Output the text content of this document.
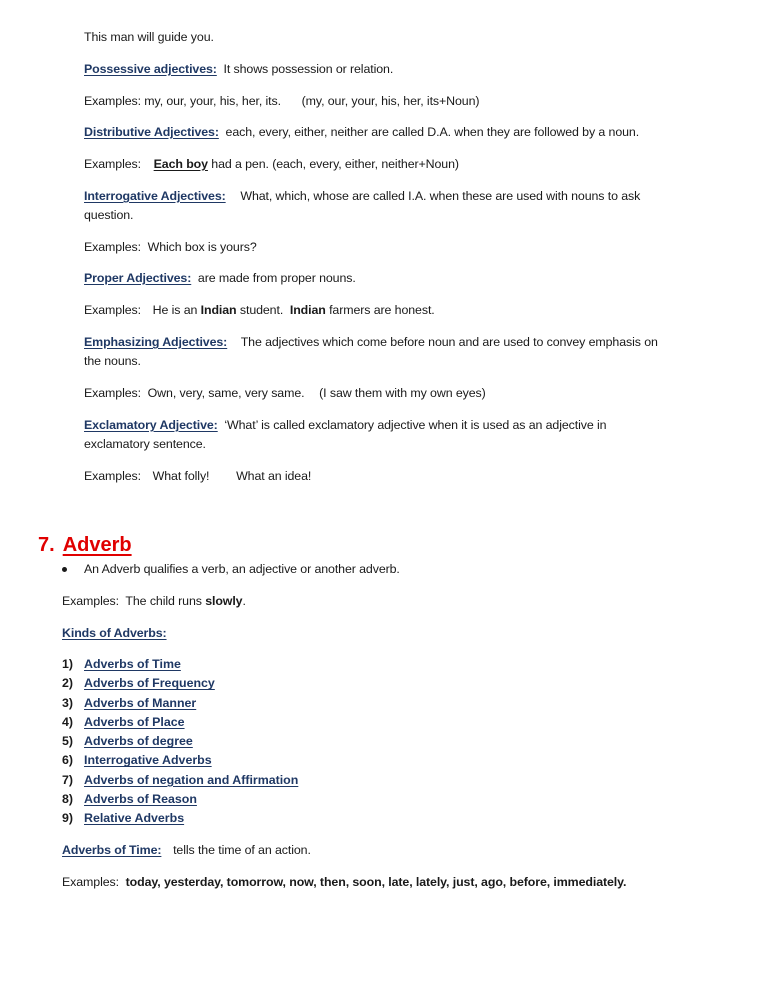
This man will guide you.
Possessive adjectives: It shows possession or relation.
Examples: my, our, your, his, her, its. (my, our, your, his, her, its+Noun)
Distributive Adjectives: each, every, either, neither are called D.A. when they are followed by a noun.
Examples: Each boy had a pen. (each, every, either, neither+Noun)
Interrogative Adjectives: What, which, whose are called I.A. when these are used with nouns to ask
question.
Examples: Which box is yours?
Proper Adjectives: are made from proper nouns.
Examples: He is an Indian student. Indian farmers are honest.
Emphasizing Adjectives: The adjectives which come before noun and are used to convey emphasis on
the nouns.
Examples: Own, very, same, very same. (I saw them with my own eyes)
Exclamatory Adjective: ‘What’ is called exclamatory adjective when it is used as an adjective in
exclamatory sentence.
Examples: What folly! What an idea!
7. Adverb
An Adverb qualifies a verb, an adjective or another adverb.
Examples: The child runs slowly.
Kinds of Adverbs:
1) Adverbs of Time
2) Adverbs of Frequency
3) Adverbs of Manner
4) Adverbs of Place
5) Adverbs of degree
6) Interrogative Adverbs
7) Adverbs of negation and Affirmation
8) Adverbs of Reason
9) Relative Adverbs
Adverbs of Time: tells the time of an action.
Examples: today, yesterday, tomorrow, now, then, soon, late, lately, just, ago, before, immediately.
